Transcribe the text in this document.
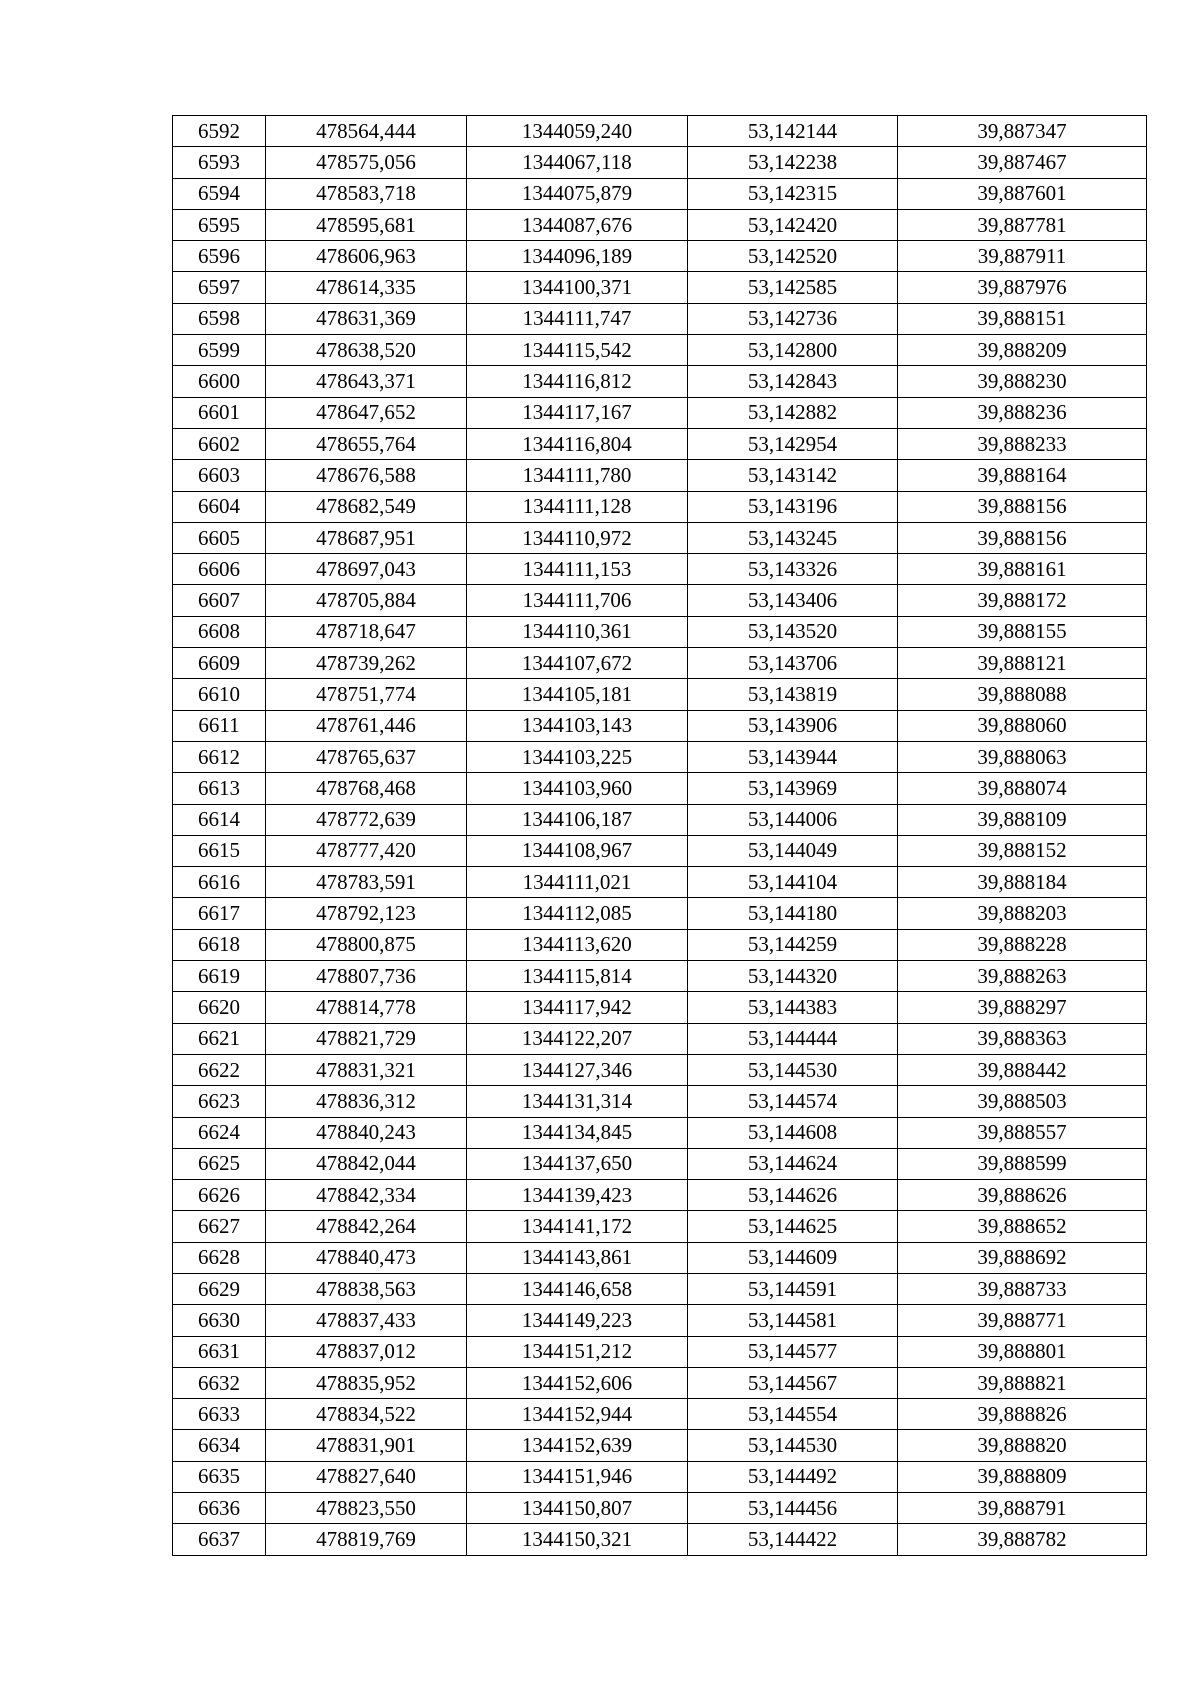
6592	478564,444	1344059,240	53,142144	39,887347
6593	478575,056	1344067,118	53,142238	39,887467
6594	478583,718	1344075,879	53,142315	39,887601
6595	478595,681	1344087,676	53,142420	39,887781
6596	478606,963	1344096,189	53,142520	39,887911
6597	478614,335	1344100,371	53,142585	39,887976
6598	478631,369	1344111,747	53,142736	39,888151
6599	478638,520	1344115,542	53,142800	39,888209
6600	478643,371	1344116,812	53,142843	39,888230
6601	478647,652	1344117,167	53,142882	39,888236
6602	478655,764	1344116,804	53,142954	39,888233
6603	478676,588	1344111,780	53,143142	39,888164
6604	478682,549	1344111,128	53,143196	39,888156
6605	478687,951	1344110,972	53,143245	39,888156
6606	478697,043	1344111,153	53,143326	39,888161
6607	478705,884	1344111,706	53,143406	39,888172
6608	478718,647	1344110,361	53,143520	39,888155
6609	478739,262	1344107,672	53,143706	39,888121
6610	478751,774	1344105,181	53,143819	39,888088
6611	478761,446	1344103,143	53,143906	39,888060
6612	478765,637	1344103,225	53,143944	39,888063
6613	478768,468	1344103,960	53,143969	39,888074
6614	478772,639	1344106,187	53,144006	39,888109
6615	478777,420	1344108,967	53,144049	39,888152
6616	478783,591	1344111,021	53,144104	39,888184
6617	478792,123	1344112,085	53,144180	39,888203
6618	478800,875	1344113,620	53,144259	39,888228
6619	478807,736	1344115,814	53,144320	39,888263
6620	478814,778	1344117,942	53,144383	39,888297
6621	478821,729	1344122,207	53,144444	39,888363
6622	478831,321	1344127,346	53,144530	39,888442
6623	478836,312	1344131,314	53,144574	39,888503
6624	478840,243	1344134,845	53,144608	39,888557
6625	478842,044	1344137,650	53,144624	39,888599
6626	478842,334	1344139,423	53,144626	39,888626
6627	478842,264	1344141,172	53,144625	39,888652
6628	478840,473	1344143,861	53,144609	39,888692
6629	478838,563	1344146,658	53,144591	39,888733
6630	478837,433	1344149,223	53,144581	39,888771
6631	478837,012	1344151,212	53,144577	39,888801
6632	478835,952	1344152,606	53,144567	39,888821
6633	478834,522	1344152,944	53,144554	39,888826
6634	478831,901	1344152,639	53,144530	39,888820
6635	478827,640	1344151,946	53,144492	39,888809
6636	478823,550	1344150,807	53,144456	39,888791
6637	478819,769	1344150,321	53,144422	39,888782
